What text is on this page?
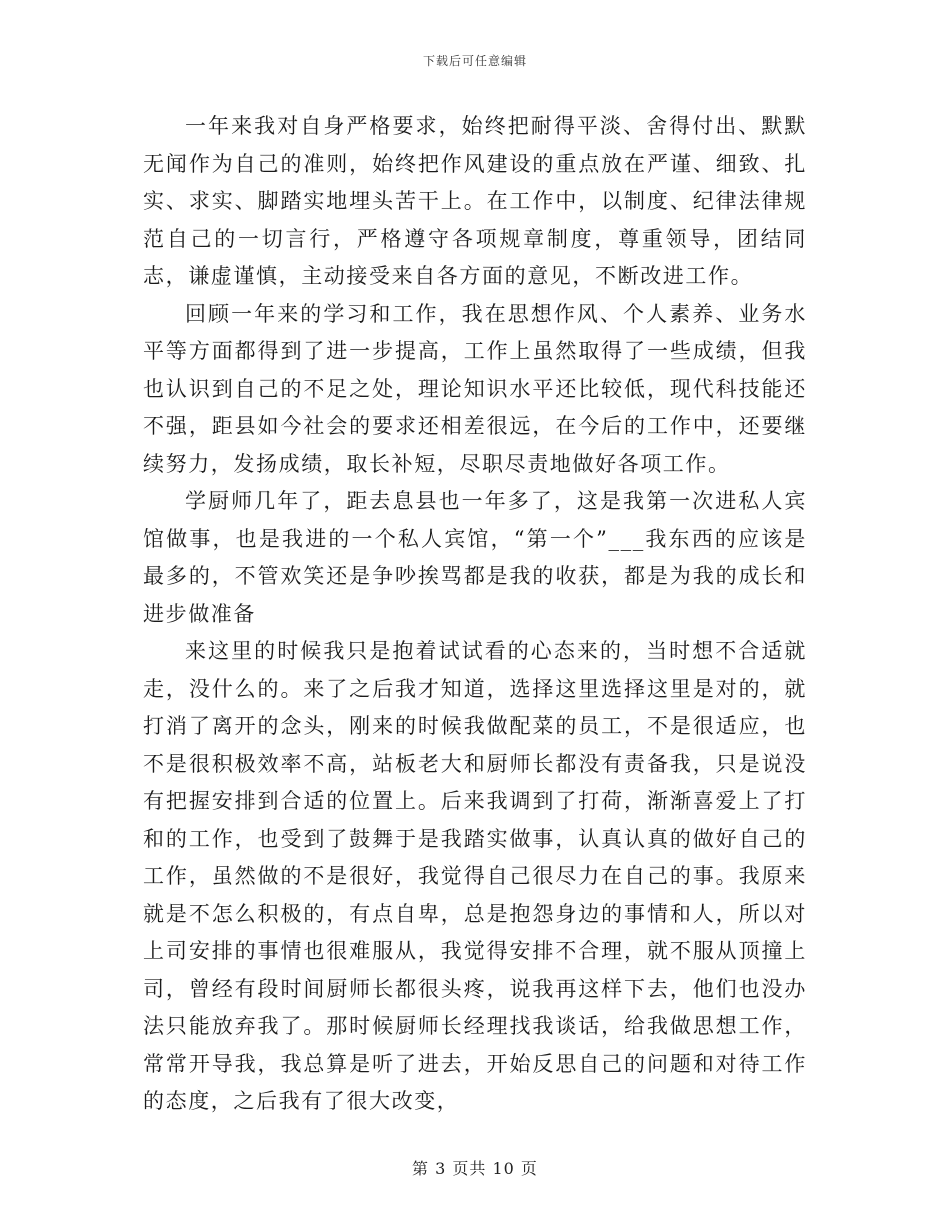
下载后可任意编辑

一年来我对自身严格要求，始终把耐得平淡、舍得付出、默默无闻作为自己的准则，始终把作风建设的重点放在严谨、细致、扎实、求实、脚踏实地埋头苦干上。在工作中，以制度、纪律法律规范自己的一切言行，严格遵守各项规章制度，尊重领导，团结同志，谦虚谨慎，主动接受来自各方面的意见，不断改进工作。

回顾一年来的学习和工作，我在思想作风、个人素养、业务水平等方面都得到了进一步提高，工作上虽然取得了一些成绩，但我也认识到自己的不足之处，理论知识水平还比较低，现代科技能还不强，距县如今社会的要求还相差很远，在今后的工作中，还要继续努力，发扬成绩，取长补短，尽职尽责地做好各项工作。

学厨师几年了，距去息县也一年多了，这是我第一次进私人宾馆做事，也是我进的一个私人宾馆，“第一个”___我东西的应该是最多的，不管欢笑还是争吵挨骂都是我的收获，都是为我的成长和进步做准备

来这里的时候我只是抱着试试看的心态来的，当时想不合适就走，没什么的。来了之后我才知道，选择这里选择这里是对的，就打消了离开的念头，刚来的时候我做配菜的员工，不是很适应，也不是很积极效率不高，站板老大和厨师长都没有责备我，只是说没有把握安排到合适的位置上。后来我调到了打荷，渐渐喜爱上了打和的工作，也受到了鼓舞于是我踏实做事，认真认真的做好自己的工作，虽然做的不是很好，我觉得自己很尽力在自己的事。我原来就是不怎么积极的，有点自卑，总是抱怨身边的事情和人，所以对上司安排的事情也很难服从，我觉得安排不合理，就不服从顶撞上司，曾经有段时间厨师长都很头疼，说我再这样下去，他们也没办法只能放弃我了。那时候厨师长经理找我谈话，给我做思想工作，常常开导我，我总算是听了进去，开始反思自己的问题和对待工作的态度，之后我有了很大改变，

第 3 页共 10 页
